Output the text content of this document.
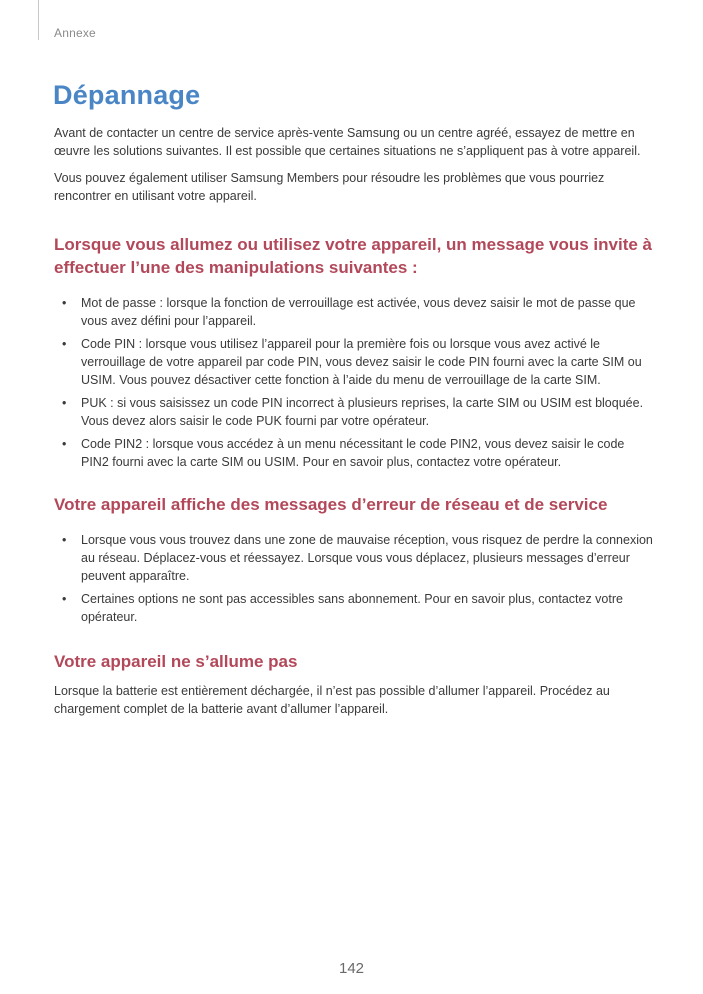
Annexe
Dépannage

Avant de contacter un centre de service après-vente Samsung ou un centre agréé, essayez de mettre en œuvre les solutions suivantes. Il est possible que certaines situations ne s’appliquent pas à votre appareil.

Vous pouvez également utiliser Samsung Members pour résoudre les problèmes que vous pourriez rencontrer en utilisant votre appareil.

Lorsque vous allumez ou utilisez votre appareil, un message vous invite à effectuer l’une des manipulations suivantes :
• Mot de passe : lorsque la fonction de verrouillage est activée, vous devez saisir le mot de passe que vous avez défini pour l’appareil.
• Code PIN : lorsque vous utilisez l’appareil pour la première fois ou lorsque vous avez activé le verrouillage de votre appareil par code PIN, vous devez saisir le code PIN fourni avec la carte SIM ou USIM. Vous pouvez désactiver cette fonction à l’aide du menu de verrouillage de la carte SIM.
• PUK : si vous saisissez un code PIN incorrect à plusieurs reprises, la carte SIM ou USIM est bloquée. Vous devez alors saisir le code PUK fourni par votre opérateur.
• Code PIN2 : lorsque vous accédez à un menu nécessitant le code PIN2, vous devez saisir le code PIN2 fourni avec la carte SIM ou USIM. Pour en savoir plus, contactez votre opérateur.
Votre appareil affiche des messages d’erreur de réseau et de service
• Lorsque vous vous trouvez dans une zone de mauvaise réception, vous risquez de perdre la connexion au réseau. Déplacez-vous et réessayez. Lorsque vous vous déplacez, plusieurs messages d’erreur peuvent apparaître.
• Certaines options ne sont pas accessibles sans abonnement. Pour en savoir plus, contactez votre opérateur.
Votre appareil ne s’allume pas

Lorsque la batterie est entièrement déchargée, il n’est pas possible d’allumer l’appareil. Procédez au chargement complet de la batterie avant d’allumer l’appareil.

142
